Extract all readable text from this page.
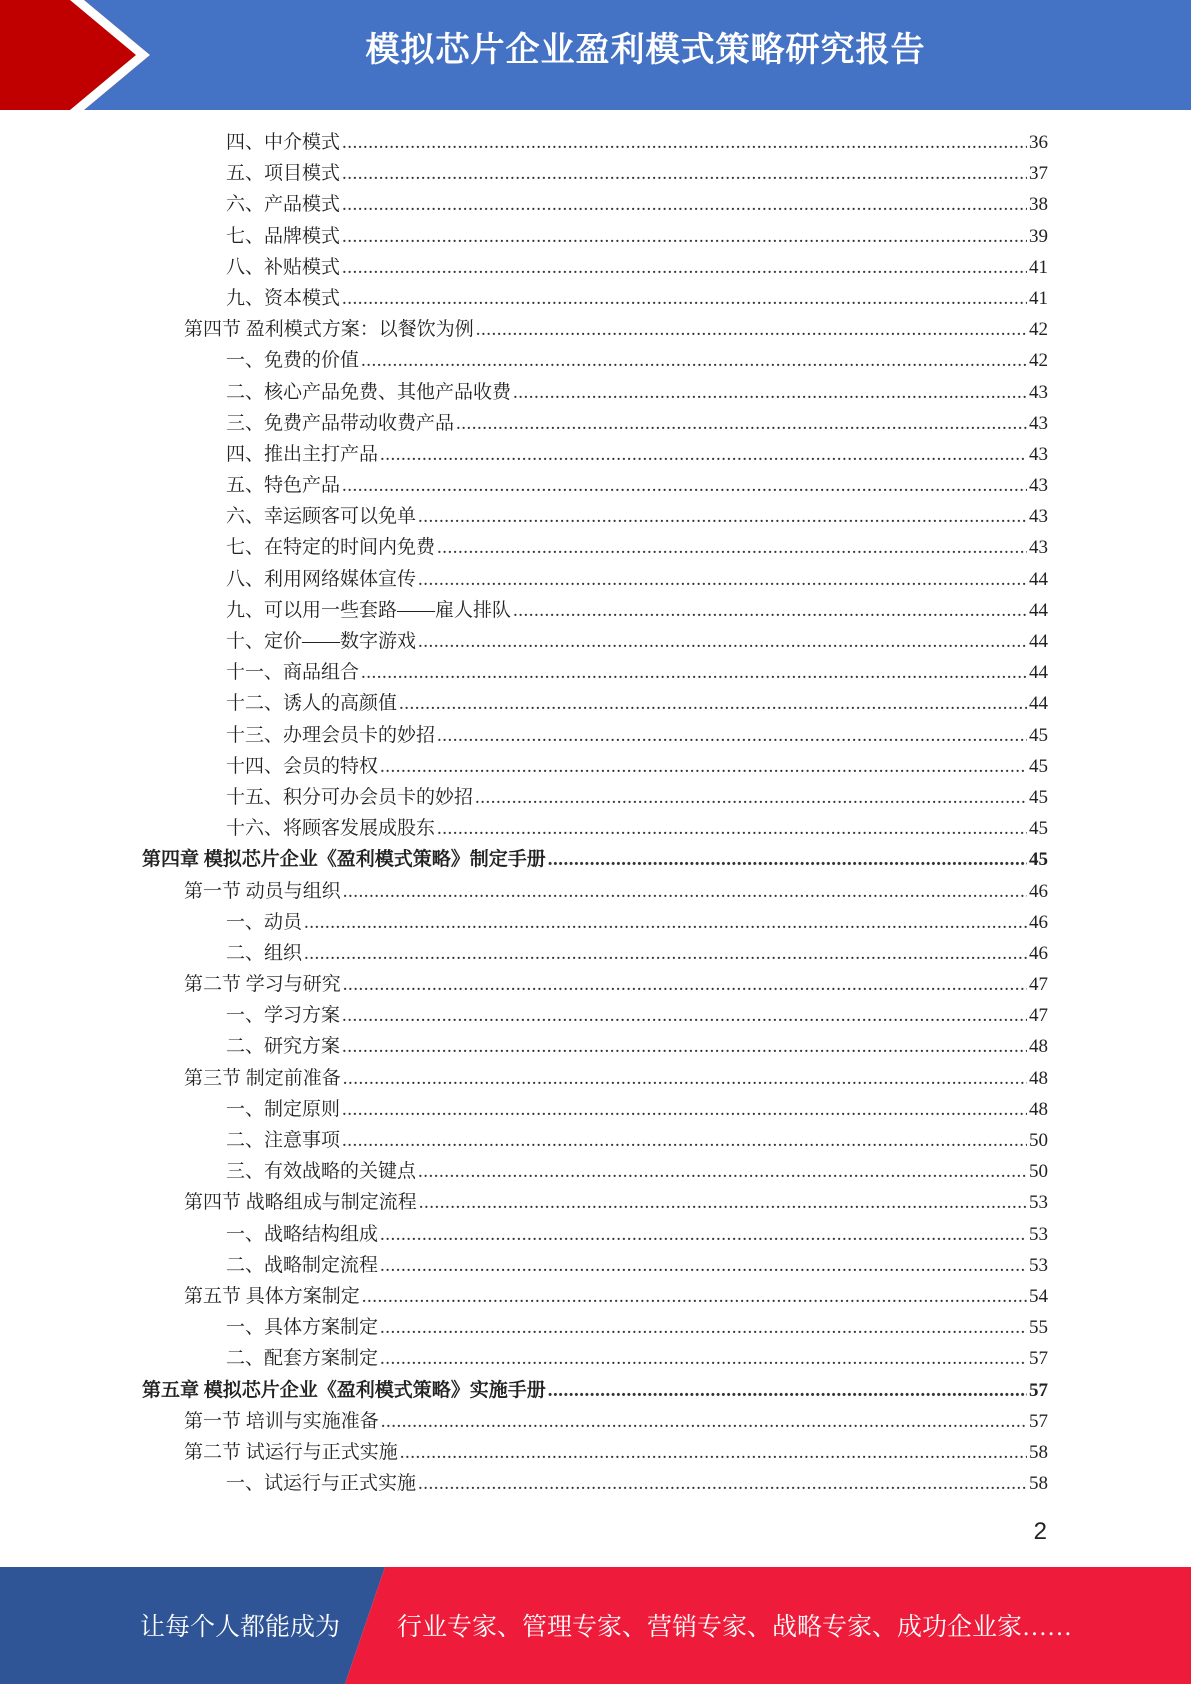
模拟芯片企业盈利模式策略研究报告
四、中介模式 .....	36
五、项目模式 .....	37
六、产品模式 .....	38
七、品牌模式 .....	39
八、补贴模式 .....	41
九、资本模式 .....	41
第四节 盈利模式方案：以餐饮为例 .....	42
一、免费的价值 .....	42
二、核心产品免费、其他产品收费 .....	43
三、免费产品带动收费产品 .....	43
四、推出主打产品 .....	43
五、特色产品 .....	43
六、幸运顾客可以免单 .....	43
七、在特定的时间内免费 .....	43
八、利用网络媒体宣传 .....	44
九、可以用一些套路——雇人排队 .....	44
十、定价——数字游戏 .....	44
十一、商品组合 .....	44
十二、诱人的高颜值 .....	44
十三、办理会员卡的妙招 .....	45
十四、会员的特权 .....	45
十五、积分可办会员卡的妙招 .....	45
十六、将顾客发展成股东 .....	45
第四章 模拟芯片企业《盈利模式策略》制定手册 .....	45
第一节 动员与组织 .....	46
一、动员 .....	46
二、组织 .....	46
第二节 学习与研究 .....	47
一、学习方案 .....	47
二、研究方案 .....	48
第三节 制定前准备 .....	48
一、制定原则 .....	48
二、注意事项 .....	50
三、有效战略的关键点 .....	50
第四节 战略组成与制定流程 .....	53
一、战略结构组成 .....	53
二、战略制定流程 .....	53
第五节 具体方案制定 .....	54
一、具体方案制定 .....	55
二、配套方案制定 .....	57
第五章 模拟芯片企业《盈利模式策略》实施手册 .....	57
第一节 培训与实施准备 .....	57
第二节 试运行与正式实施 .....	58
一、试运行与正式实施 .....	58
2
让每个人都能成为 行业专家、管理专家、营销专家、战略专家、成功企业家……
